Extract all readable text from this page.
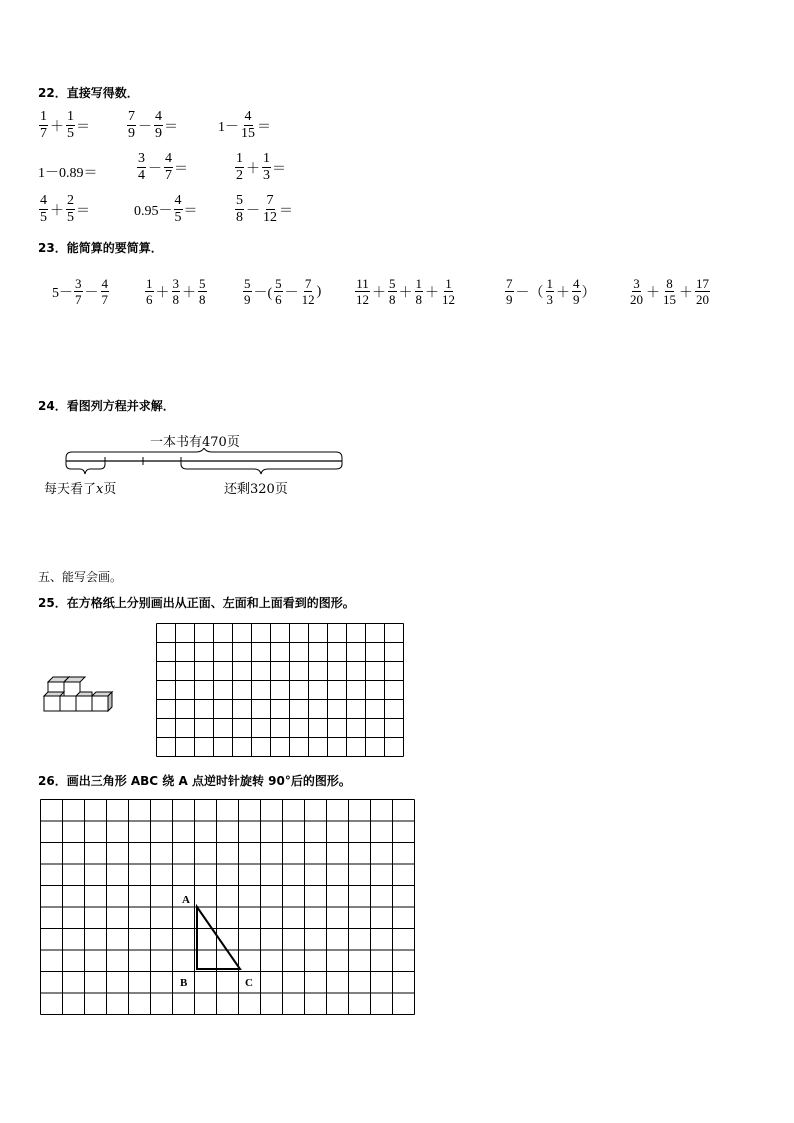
22．直接写得数．
$\frac{1}{7} + \frac{1}{5}$ ＝	$\frac{7}{9} - \frac{4}{9}$ ＝	$1- \frac{4}{15}$ ＝
1－0.89＝	$\frac{3}{4} - \frac{4}{7}$ ＝	$\frac{1}{2} + \frac{1}{3}$ ＝
$\frac{4}{5} + \frac{2}{5}$ ＝	$0.95- \frac{4}{5}$ ＝	$\frac{5}{8} - \frac{7}{12}$ ＝
23．能简算的要简算．
$5- \frac{3}{7} - \frac{4}{7}$	$\frac{1}{6} + \frac{3}{8} + \frac{5}{8}$	$\frac{5}{9}$ －( $\frac{5}{6} - \frac{7}{12}$ )	$\frac{11}{12} + \frac{5}{8} + \frac{1}{8} + \frac{1}{12}$	$\frac{7}{9}$ －（ $\frac{1}{3} + \frac{4}{9}$ ）	$\frac{3}{20} + \frac{8}{15} + \frac{17}{20}$
24．看图列方程并求解．
一本书有470页
每天看了x页	还剩320页
五、能写会画。
25．在方格纸上分别画出从正面、左面和上面看到的图形。
26．画出三角形 ABC 绕 A 点逆时针旋转 90°后的图形。
A
B	C
